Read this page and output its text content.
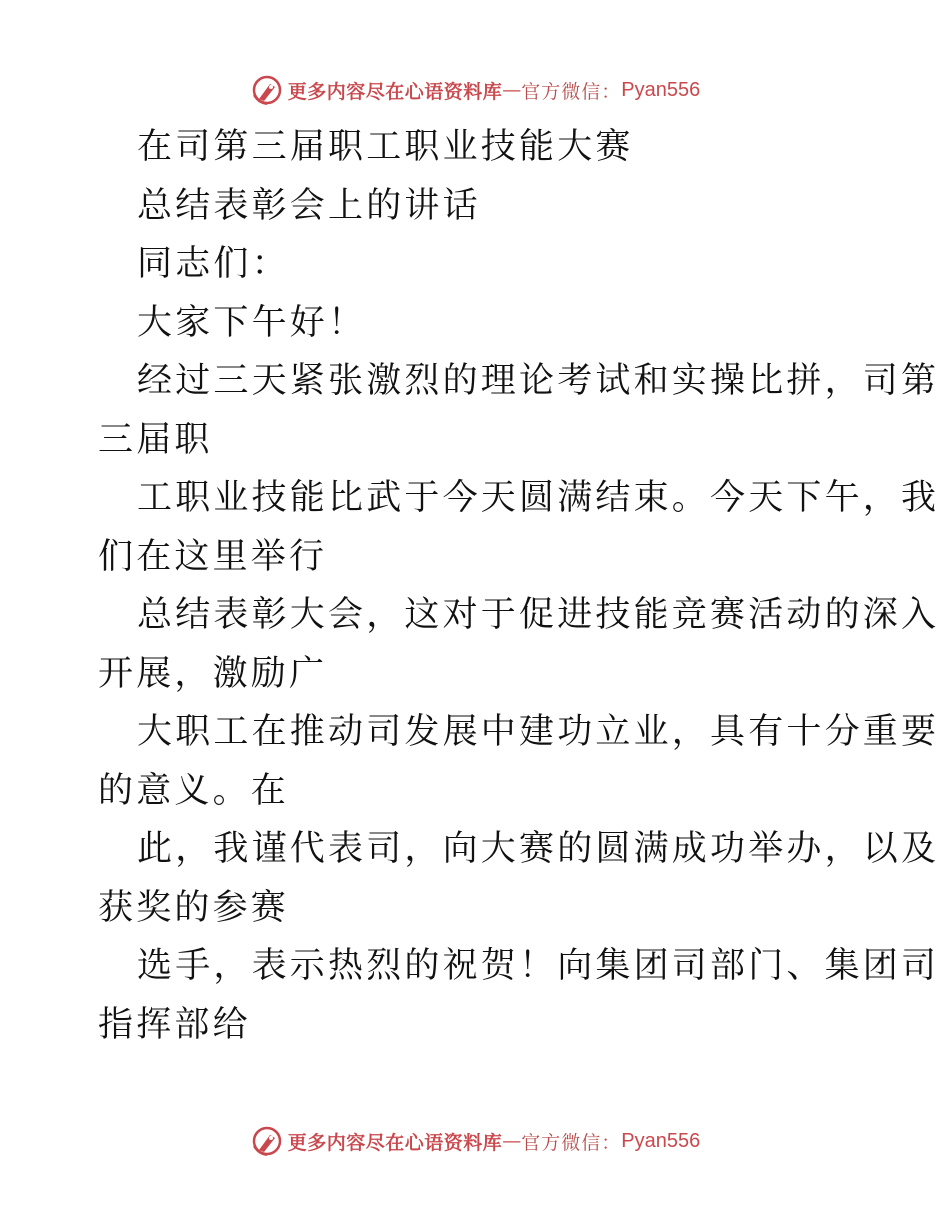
更多内容尽在心语资料库 — 官方微信： Pyan556
在司第三届职工职业技能大赛
总结表彰会上的讲话
同志们：
大家下午好！
经过三天紧张激烈的理论考试和实操比拼，司第
三届职
工职业技能比武于今天圆满结束。今天下午，我
们在这里举行
总结表彰大会，这对于促进技能竞赛活动的深入
开展，激励广
大职工在推动司发展中建功立业，具有十分重要
的意义。在
此，我谨代表司，向大赛的圆满成功举办，以及
获奖的参赛
选手，表示热烈的祝贺！向集团司部门、集团司
指挥部给
更多内容尽在心语资料库 — 官方微信： Pyan556
